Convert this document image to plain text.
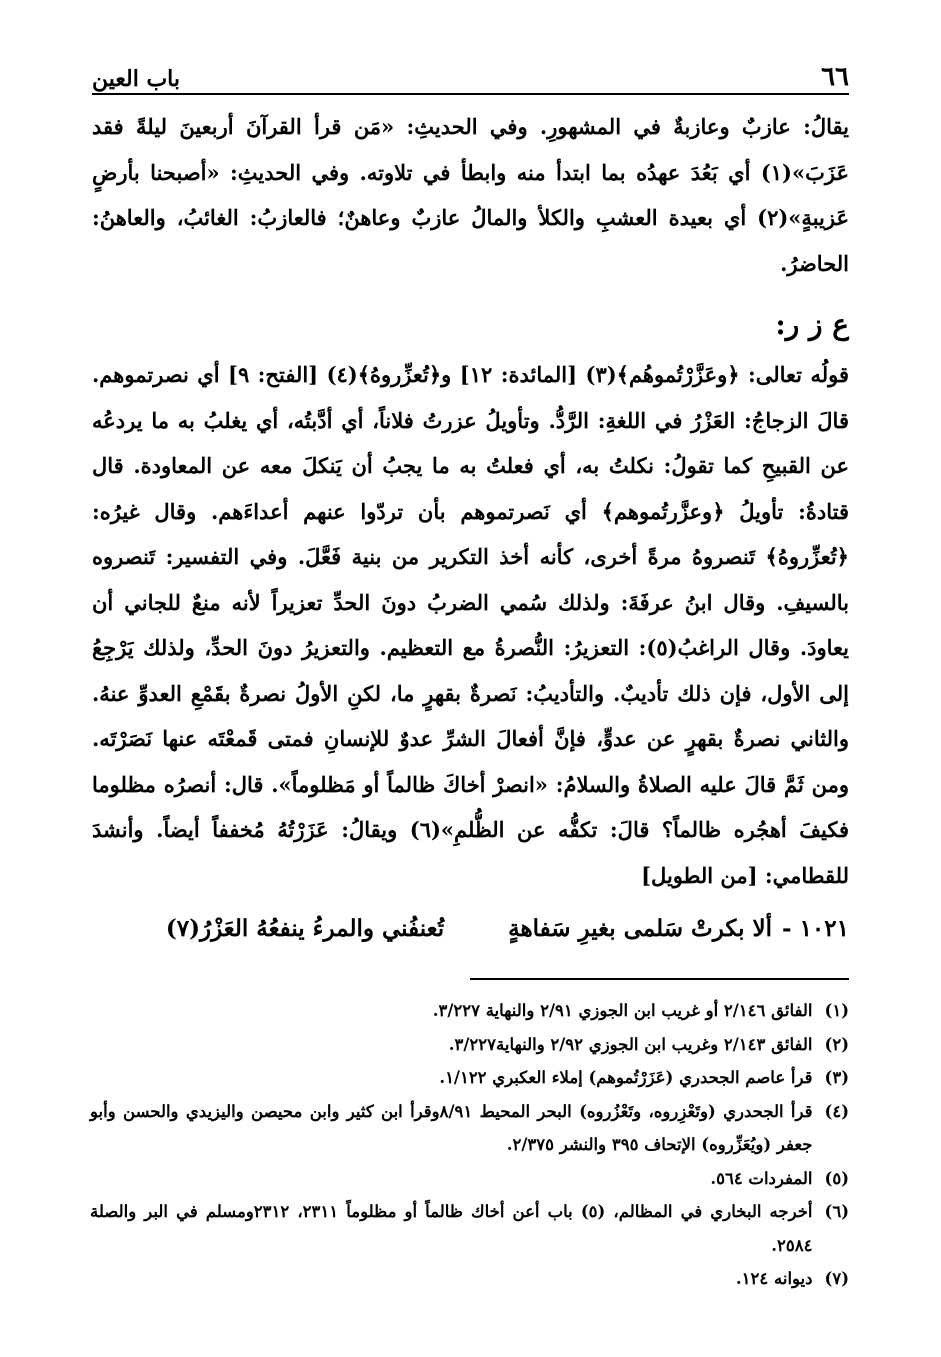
٦٦
باب العين
يقالُ: عازبٌ وعازبةٌ في المشهورِ. وفي الحديثِ: «مَن قرأ القرآنَ أربعينَ ليلةً فقد عَزَبَ»(١) أي بَعُدَ عهدُه بما ابتدأ منه وابطأ في تلاوته. وفي الحديثِ: «أصبحنا بأرضٍ عَزيبةٍ»(٢) أي بعيدة العشبِ والكلأ والمالُ عازبٌ وعاهنٌ؛ فالعازبُ: الغائبُ، والعاهنُ: الحاضرُ.
ع ز ر:
قولُه تعالى: ﴿وعَزَّرْتُموهُم﴾(٣) [المائدة: ١٢] و﴿تُعزِّروهُ﴾(٤) [الفتح: ٩] أي نصرتموهم. قالَ الزجاجُ: العَزْرُ في اللغةِ: الرَّدُّ. وتأويلُ عزرتُ فلاناً، أي أدَّبتُه، أي يغلبُ به ما يردعُه عن القبيحِ كما تقولُ: نكلتُ به، أي فعلتُ به ما يجبُ أن يَنكلَ معه عن المعاودة. قال قتادةُ: تأويلُ ﴿وعزَّرتُموهم﴾ أي نَصرتموهم بأن تردّوا عنهم أعداءَهم. وقال غيرُه: ﴿تُعزِّروهُ﴾ تَنصروهُ مرةً أخرى، كأنه أخذ التكرير من بنية فَعَّلَ. وفي التفسير: تَنصروه بالسيفِ. وقال ابنُ عرفَةَ: ولذلك سُمي الضربُ دونَ الحدِّ تعزيراً لأنه منعٌ للجاني أن يعاودَ. وقال الراغبُ(٥): التعزيرُ: النُّصرةُ مع التعظيم. والتعزيرُ دونَ الحدِّ، ولذلك يَرْجِعُ إلى الأول، فإن ذلك تأديبٌ. والتأديبُ: نَصرةٌ بقهرٍ ما، لكنِ الأولُ نصرةٌ بقَمْعِ العدوِّ عنهُ. والثاني نصرةٌ بقهرٍ عن عدوٍّ، فإنَّ أفعالَ الشرِّ عدوٌ للإنسانِ فمتى قَمعْتَه عنها نَصَرْتَه. ومن ثَمَّ قالَ عليه الصلاةُ والسلامُ: «انصرْ أخاكَ ظالماً أو مَظلوماً». قال: أنصرُه مظلوما فكيفَ أهجُره ظالماً؟ قالَ: تكفُّه عن الظُّلمِ»(٦) ويقالُ: عَزَرْتُهُ مُخففاً أيضاً. وأنشدَ للقطامي: [من الطويل]
١٠٢١ -
ألا بكرتْ سَلمى بغيرِ سَفاهةٍ
تُعنفُني والمرءُ ينفعُهُ العَزْرُ(٧)
(١)
الفائق ٢/١٤٦ أو غريب ابن الجوزي ٢/٩١ والنهاية ٣/٢٢٧.
(٢)
الفائق ٢/١٤٣ وغريب ابن الجوزي ٢/٩٢ والنهاية٣/٢٢٧.
(٣)
قرأ عاصم الجحدري (عَزَرْتُموهم) إملاء العكبري ١/١٢٢.
(٤)
قرأ الجحدري (وتَعْزِروه، وتَعْزُروه) البحر المحيط ٨/٩١وقرأ ابن كثير وابن محيصن واليزيدي والحسن وأبو جعفر (ويُعَزِّروه) الإتحاف ٣٩٥ والنشر ٢/٣٧٥.
(٥)
المفردات ٥٦٤.
(٦)
أخرجه البخاري في المظالم، (٥) باب أعن أخاك ظالماً أو مظلوماً ٢٣١١، ٢٣١٢ومسلم في البر والصلة ٢٥٨٤.
(٧)
ديوانه ١٢٤.
